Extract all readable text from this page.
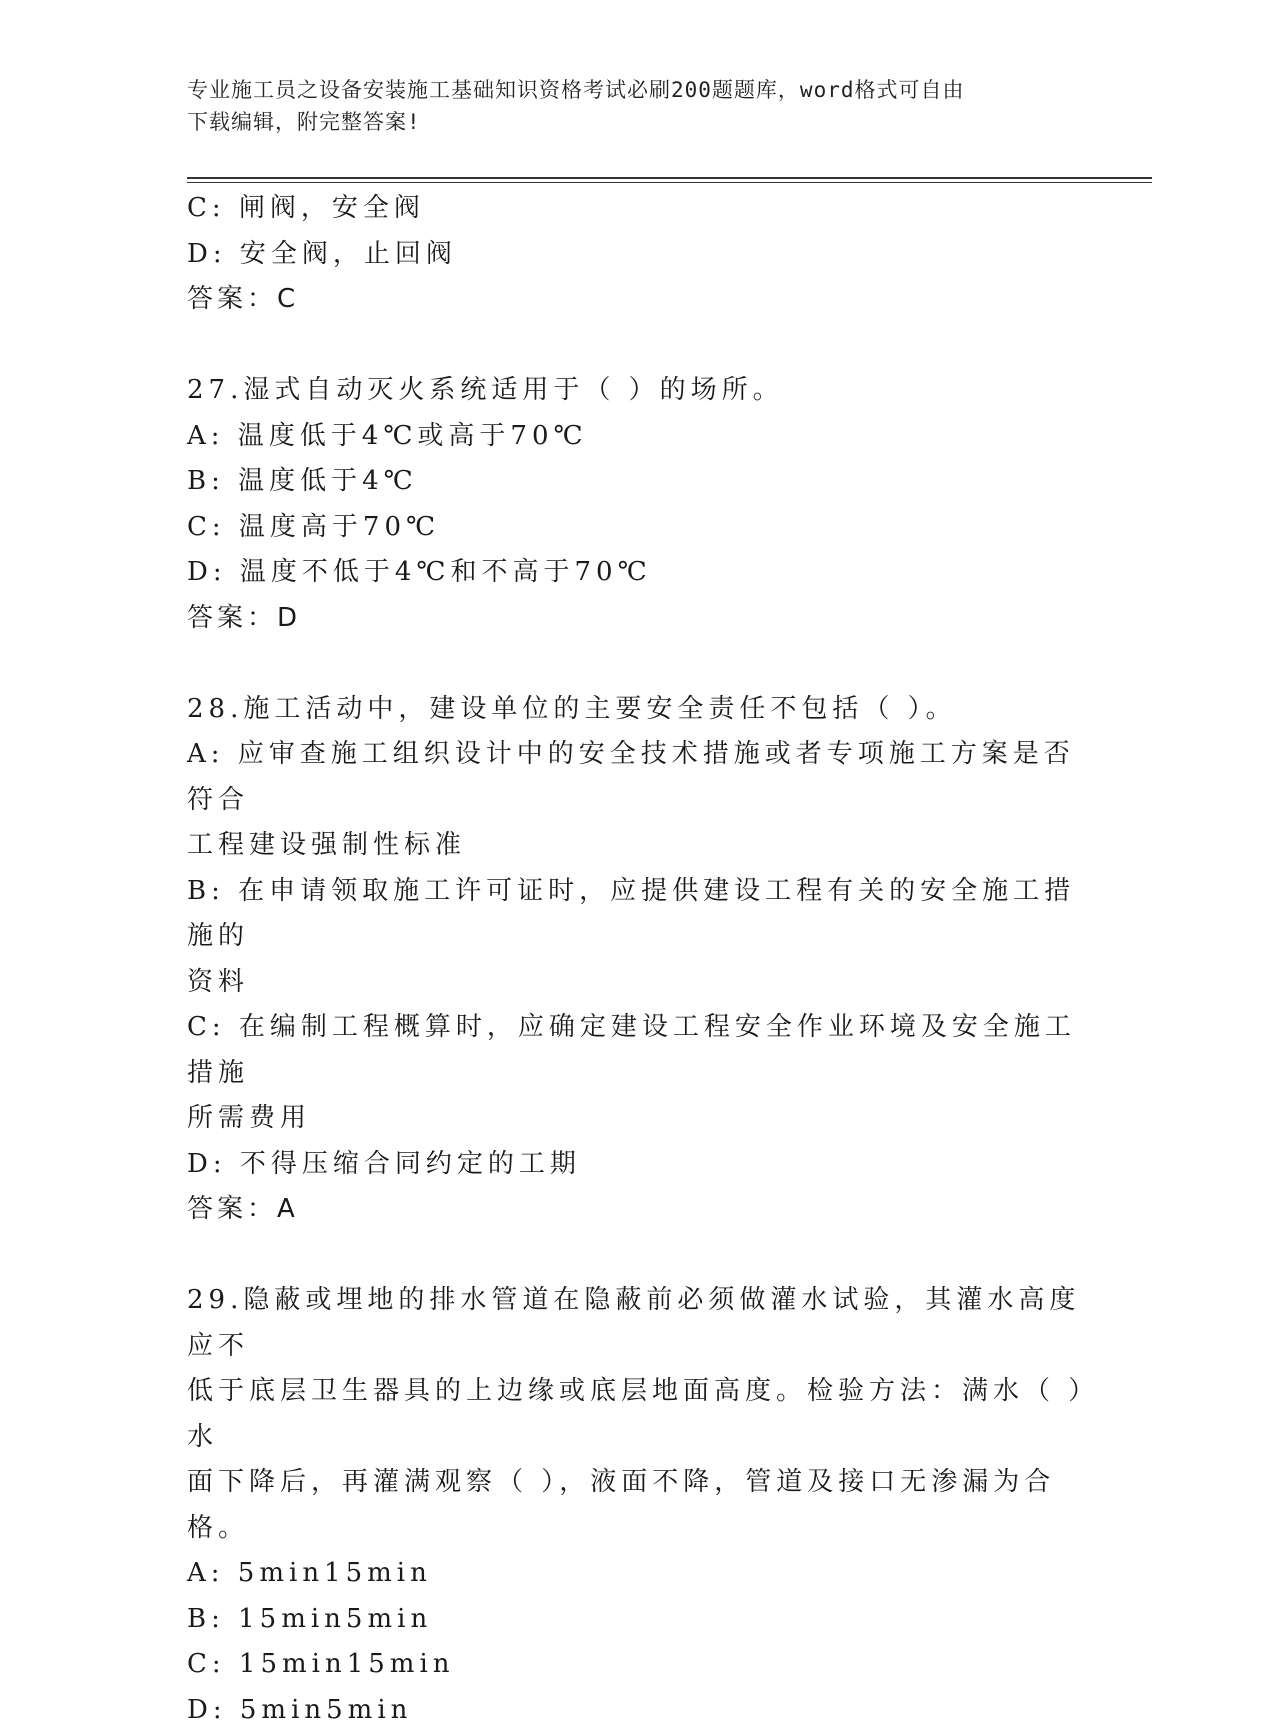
专业施工员之设备安装施工基础知识资格考试必刷200题题库，word格式可自由
下载编辑，附完整答案!
C: 闸阀，安全阀
D: 安全阀，止回阀
答案：C
27.湿式自动灭火系统适用于（ ）的场所。
A: 温度低于4℃或高于70℃
B: 温度低于4℃
C: 温度高于70℃
D: 温度不低于4℃和不高于70℃
答案：D
28.施工活动中，建设单位的主要安全责任不包括（ ）。
A: 应审查施工组织设计中的安全技术措施或者专项施工方案是否符合
工程建设强制性标准
B: 在申请领取施工许可证时，应提供建设工程有关的安全施工措施的
资料
C: 在编制工程概算时，应确定建设工程安全作业环境及安全施工措施
所需费用
D: 不得压缩合同约定的工期
答案：A
29.隐蔽或埋地的排水管道在隐蔽前必须做灌水试验，其灌水高度应不
低于底层卫生器具的上边缘或底层地面高度。检验方法：满水（ ）水
面下降后，再灌满观察（ ），液面不降，管道及接口无渗漏为合格。
A: 5min15min
B: 15min5min
C: 15min15min
D: 5min5min
